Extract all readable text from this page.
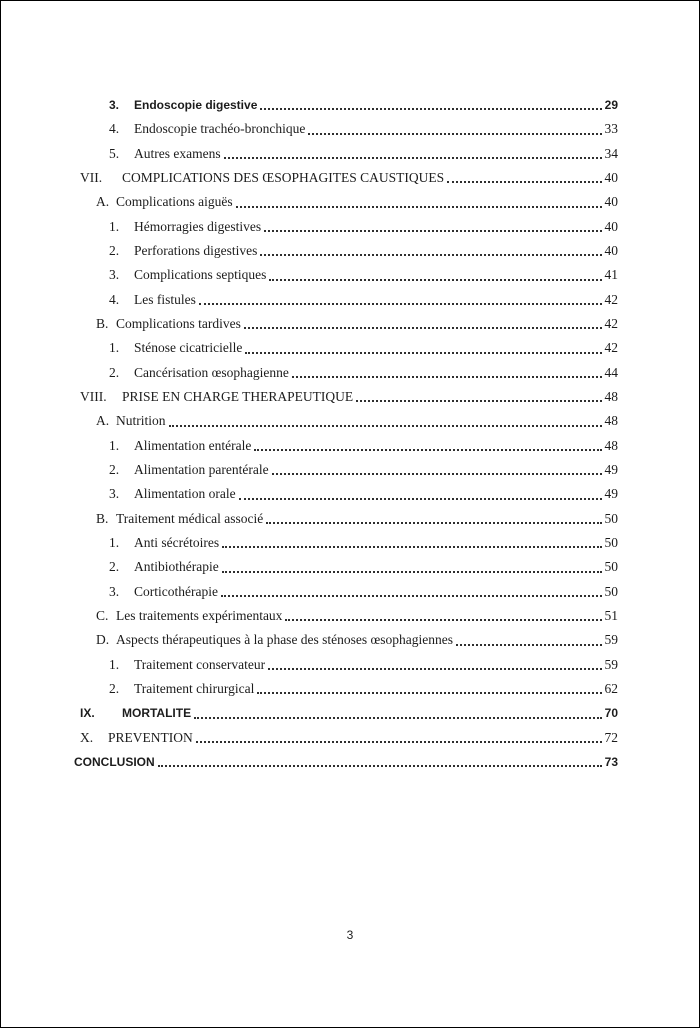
3.	Endoscopie digestive	29
4.	Endoscopie trachéo-bronchique	33
5.	Autres examens	34
VII.	COMPLICATIONS DES ŒSOPHAGITES CAUSTIQUES	40
A. Complications aiguës	40
1.	Hémorragies digestives	40
2.	Perforations digestives	40
3.	Complications septiques	41
4.	Les fistules	42
B. Complications tardives	42
1.	Sténose cicatricielle	42
2.	Cancérisation œsophagienne	44
VIII.	PRISE EN CHARGE THERAPEUTIQUE	48
A. Nutrition	48
1.	Alimentation entérale	48
2.	Alimentation parentérale	49
3.	Alimentation orale	49
B. Traitement médical associé	50
1.	Anti sécrétoires	50
2.	Antibiothérapie	50
3.	Corticothérapie	50
C. Les traitements expérimentaux	51
D. Aspects thérapeutiques à la phase des sténoses œsophagiennes	59
1.	Traitement conservateur	59
2.	Traitement chirurgical	62
IX.	MORTALITE	70
X.	PREVENTION	72
CONCLUSION	73
3
